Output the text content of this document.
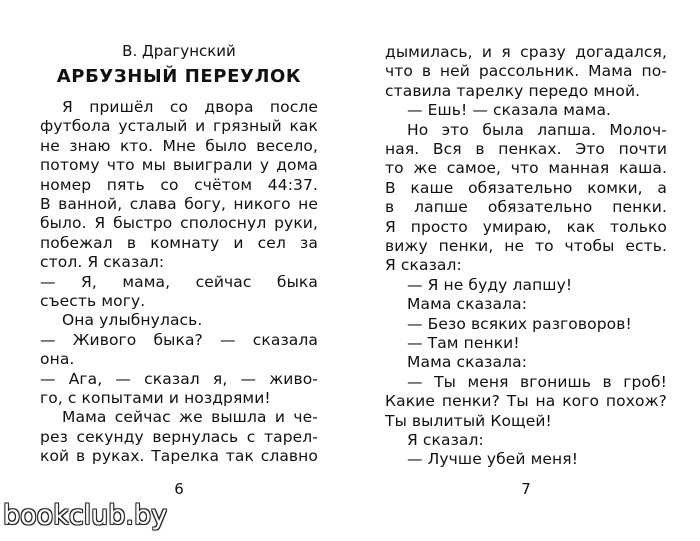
В. Драгунский
АРБУЗНЫЙ ПЕРЕУЛОК
Я пришёл со двора после
футбола усталый и грязный как
не знаю кто. Мне было весело,
потому что мы выиграли у дома
номер пять со счётом 44:37.
В ванной, слава богу, никого не
было. Я быстро сполоснул руки,
побежал в комнату и сел за
стол. Я сказал:
— Я, мама, сейчас быка
съесть могу.
Она улыбнулась.
— Живого быка? — сказала
она.
— Ага, — сказал я, — живо-
го, с копытами и ноздрями!
Мама сейчас же вышла и че-
рез секунду вернулась с тарел-
кой в руках. Тарелка так славно
6
дымилась, и я сразу догадался,
что в ней рассольник. Мама по-
ставила тарелку передо мной.
— Ешь! — сказала мама.
Но это была лапша. Молоч-
ная. Вся в пенках. Это почти
то же самое, что манная каша.
В каше обязательно комки, а
в лапше обязательно пенки.
Я просто умираю, как только
вижу пенки, не то чтобы есть.
Я сказал:
— Я не буду лапшу!
Мама сказала:
— Безо всяких разговоров!
— Там пенки!
Мама сказала:
— Ты меня вгонишь в гроб!
Какие пенки? Ты на кого похож?
Ты вылитый Кощей!
Я сказал:
— Лучше убей меня!
7
bookclub.by
